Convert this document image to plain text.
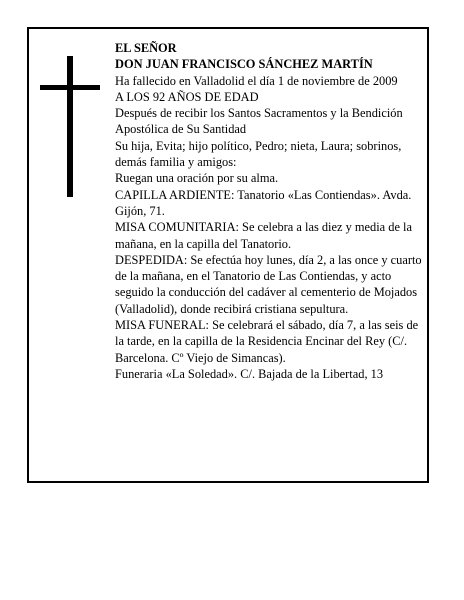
EL SEÑOR

DON JUAN FRANCISCO SÁNCHEZ MARTÍN

Ha fallecido en Valladolid el día 1 de noviembre de 2009

A LOS 92 AÑOS DE EDAD

Después de recibir los Santos Sacramentos y la Bendición Apostólica de Su Santidad

Su hija, Evita; hijo político, Pedro; nieta, Laura; sobrinos, demás familia y amigos:

Ruegan una oración por su alma.

CAPILLA ARDIENTE: Tanatorio «Las Contiendas». Avda. Gijón, 71.

MISA COMUNITARIA: Se celebra a las diez y media de la mañana, en la capilla del Tanatorio.

DESPEDIDA: Se efectúa hoy lunes, día 2, a las once y cuarto de la mañana, en el Tanatorio de Las Contiendas, y acto seguido la conducción del cadáver al cementerio de Mojados (Valladolid), donde recibirá cristiana sepultura.

MISA FUNERAL: Se celebrará el sábado, día 7, a las seis de la tarde, en la capilla de la Residencia Encinar del Rey (C/. Barcelona. Cº Viejo de Simancas).

Funeraria «La Soledad». C/. Bajada de la Libertad, 13
